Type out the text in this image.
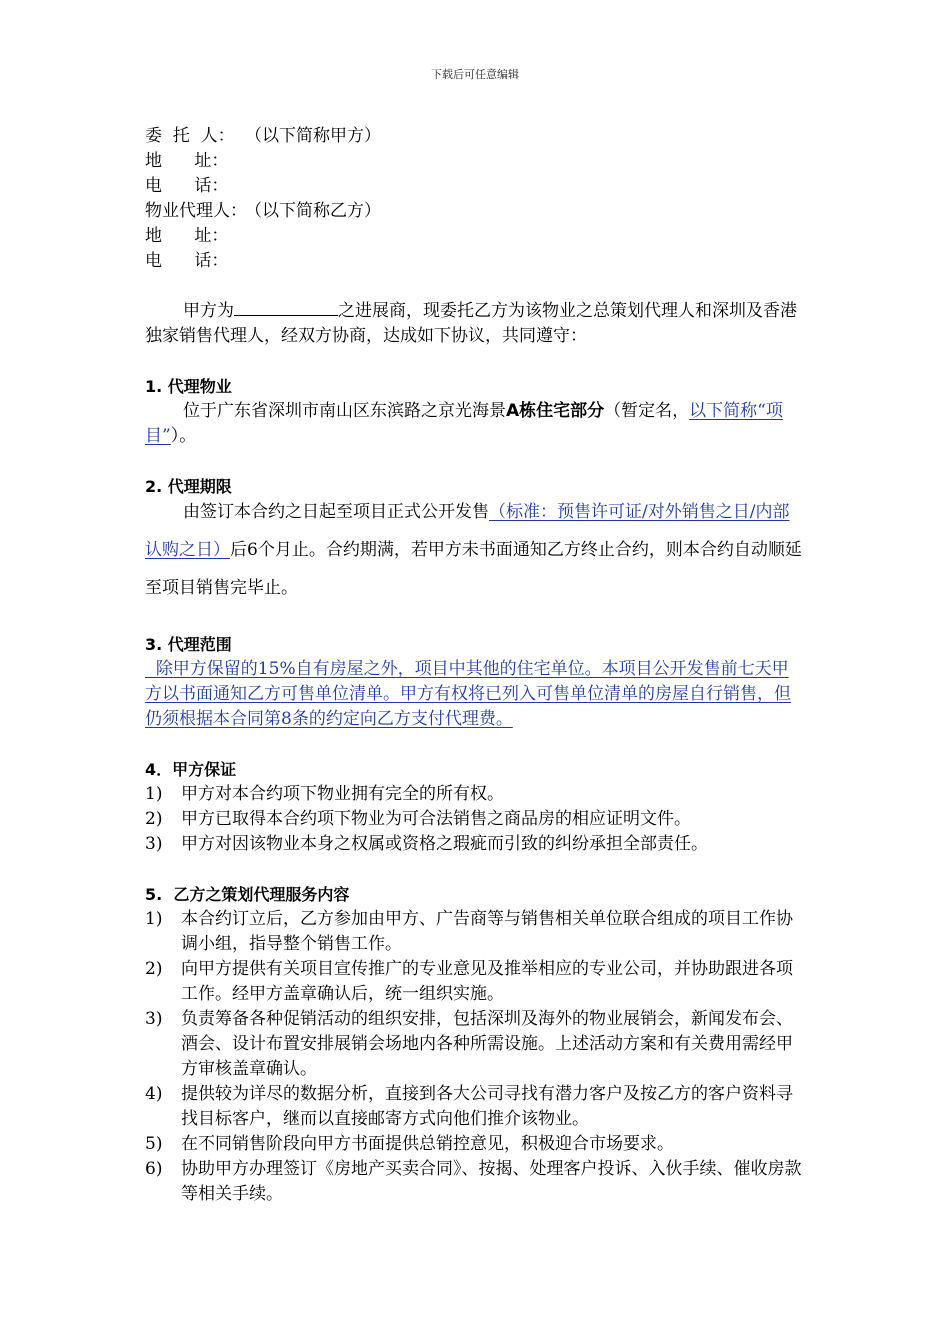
下载后可任意编辑
委  托  人： （以下简称甲方）
地      址：
电      话：
物业代理人：
（以下简称乙方）
地      址：
电      话：

甲方为	之进展商，现委托乙方为该物业之总策划代理人和深圳及香港独家销售代理人，经双方协商，达成如下协议，共同遵守：

1. 代理物业

位于广东省深圳市南山区东滨路之京光海景A栋住宅部分（暂定名，以下简称“项目”）。

2. 代理期限

由签订本合约之日起至项目正式公开发售（标准：预售许可证/对外销售之日/内部认购之日）后6个月止。合约期满，若甲方未书面通知乙方终止合约，则本合约自动顺延至项目销售完毕止。

3. 代理范围

除甲方保留的15%自有房屋之外，项目中其他的住宅单位。本项目公开发售前七天甲方以书面通知乙方可售单位清单。甲方有权将已列入可售单位清单的房屋自行销售，但仍须根据本合同第8条的约定向乙方支付代理费。

4．甲方保证
1)	甲方对本合约项下物业拥有完全的所有权。
2)	甲方已取得本合约项下物业为可合法销售之商品房的相应证明文件。
3)	甲方对因该物业本身之权属或资格之瑕疵而引致的纠纷承担全部责任。
5.  乙方之策划代理服务内容
1)	本合约订立后，乙方参加由甲方、广告商等与销售相关单位联合组成的项目工作协调小组，指导整个销售工作。
2)	向甲方提供有关项目宣传推广的专业意见及推举相应的专业公司，并协助跟进各项工作。经甲方盖章确认后，统一组织实施。
3)	负责筹备各种促销活动的组织安排，包括深圳及海外的物业展销会，新闻发布会、酒会、设计布置安排展销会场地内各种所需设施。上述活动方案和有关费用需经甲方审核盖章确认。
4)	提供较为详尽的数据分析，直接到各大公司寻找有潜力客户及按乙方的客户资料寻找目标客户，继而以直接邮寄方式向他们推介该物业。
5)	在不同销售阶段向甲方书面提供总销控意见，积极迎合市场要求。
6)	协助甲方办理签订《房地产买卖合同》、按揭、处理客户投诉、入伙手续、催收房款等相关手续。
